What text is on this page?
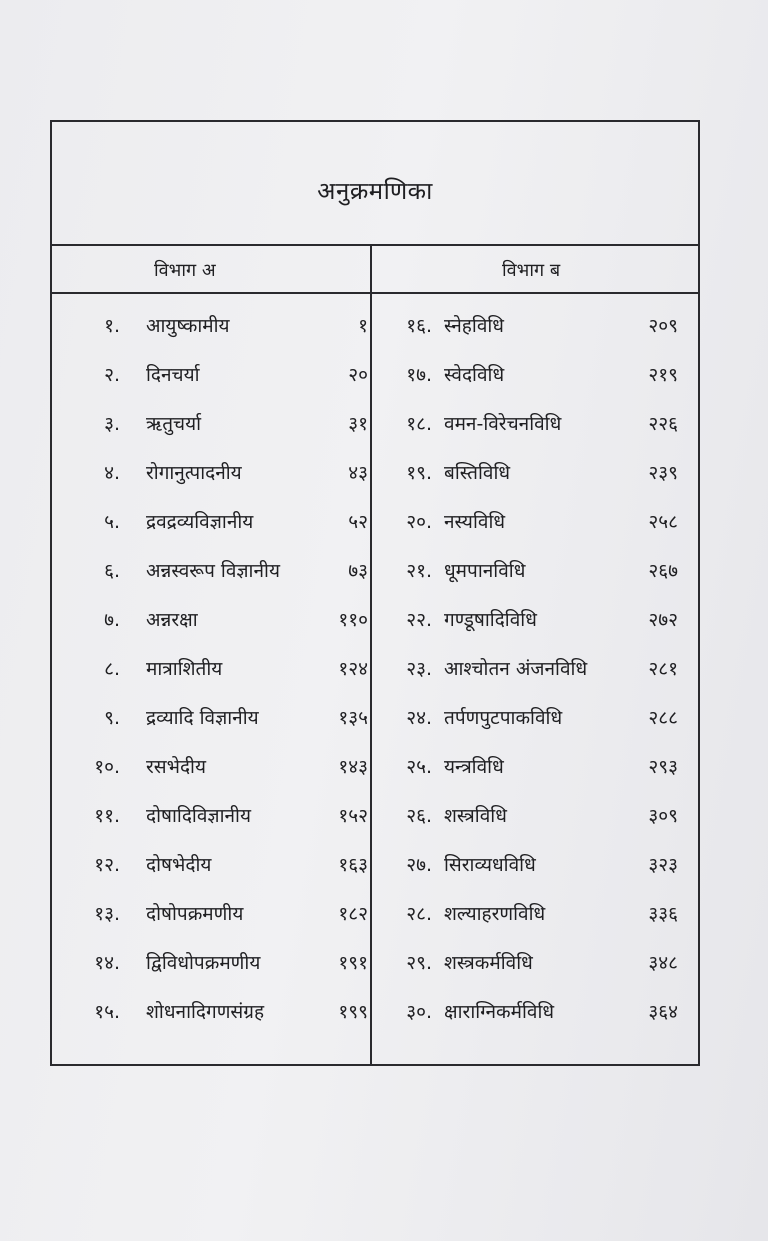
अनुक्रमणिका
विभाग अ	विभाग ब
१. आयुष्कामीय	१
२. दिनचर्या	२०
३. ऋतुचर्या	३१
४. रोगानुत्पादनीय	४३
५. द्रवद्रव्यविज्ञानीय	५२
६. अन्नस्वरूप विज्ञानीय	७३
७. अन्नरक्षा	११०
८. मात्राशितीय	१२४
९. द्रव्यादि विज्ञानीय	१३५
१०. रसभेदीय	१४३
११. दोषादिविज्ञानीय	१५२
१२. दोषभेदीय	१६३
१३. दोषोपक्रमणीय	१८२
१४. द्विविधोपक्रमणीय	१९१
१५. शोधनादिगणसंग्रह	१९९
१६. स्नेहविधि	२०९
१७. स्वेदविधि	२१९
१८. वमन-विरेचनविधि	२२६
१९. बस्तिविधि	२३९
२०. नस्यविधि	२५८
२१. धूमपानविधि	२६७
२२. गण्डूषादिविधि	२७२
२३. आश्चोतन अंजनविधि	२८१
२४. तर्पणपुटपाकविधि	२८८
२५. यन्त्रविधि	२९३
२६. शस्त्रविधि	३०९
२७. सिराव्यधविधि	३२३
२८. शल्याहरणविधि	३३६
२९. शस्त्रकर्मविधि	३४८
३०. क्षाराग्निकर्मविधि	३६४
